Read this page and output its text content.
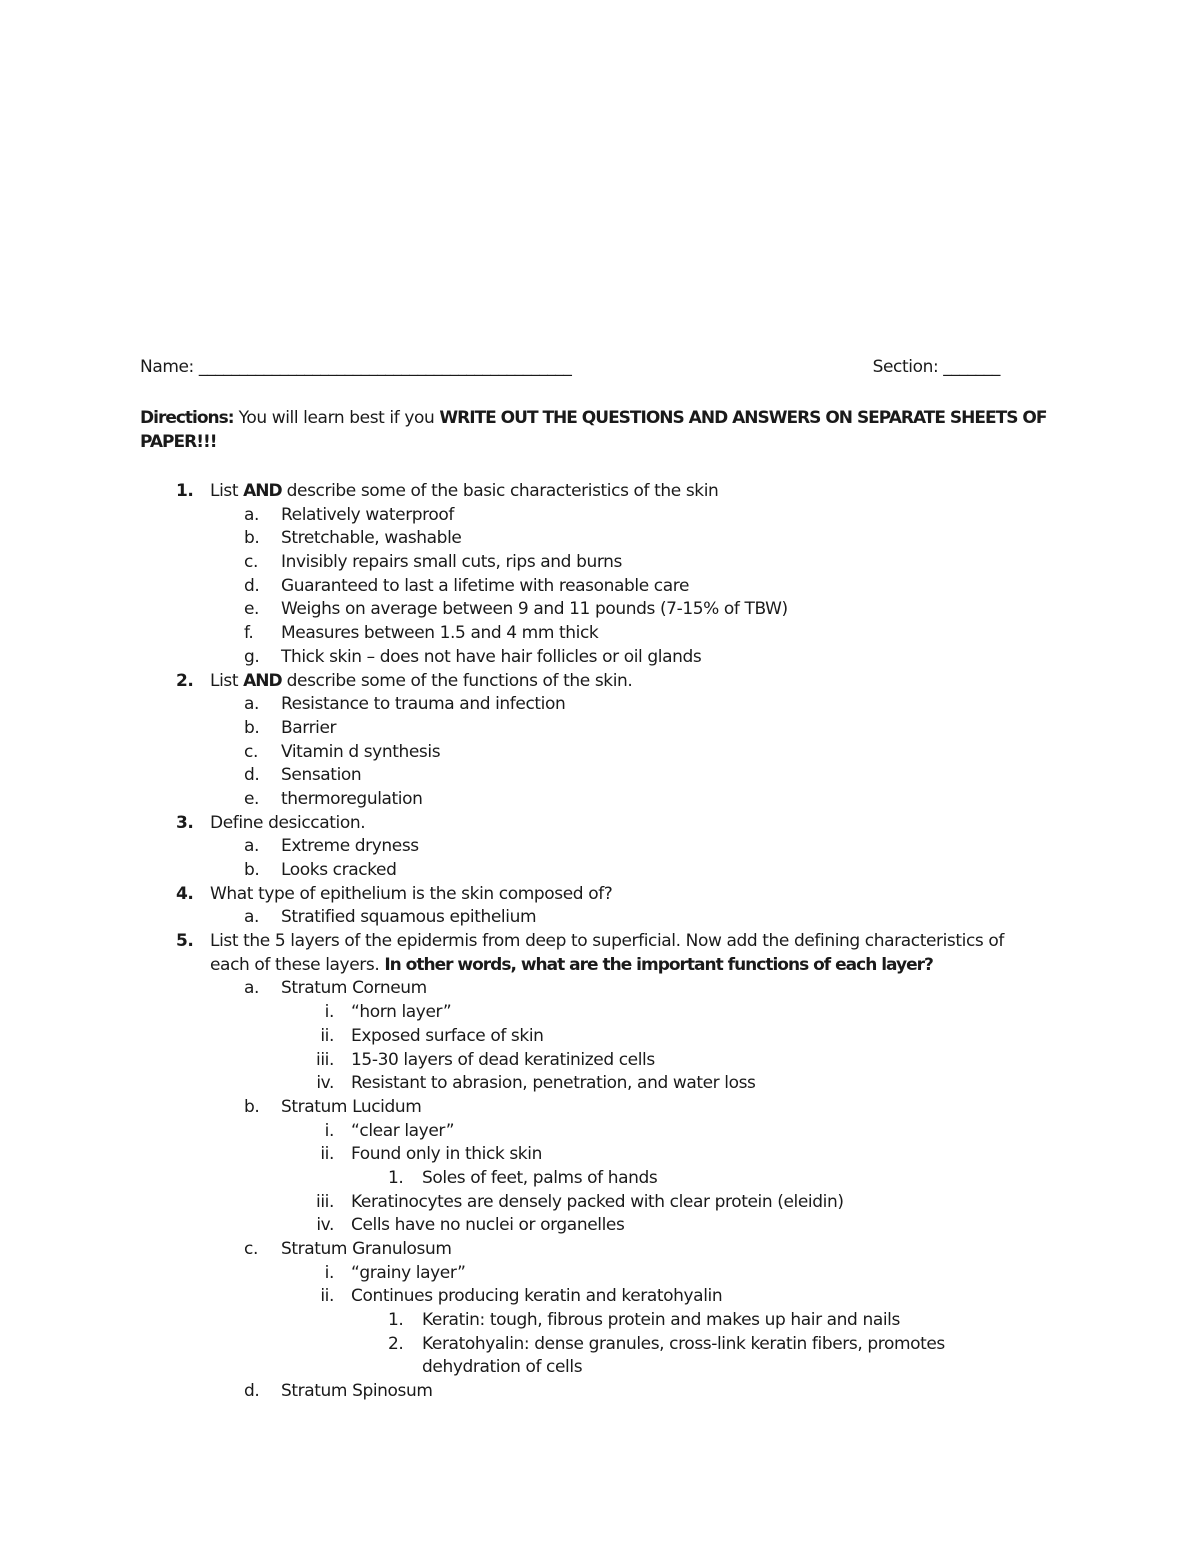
Name: ______________________________________________	Section: _______
Directions: You will learn best if you WRITE OUT THE QUESTIONS AND ANSWERS ON SEPARATE SHEETS OF PAPER!!!
1. List AND describe some of the basic characteristics of the skin
a. Relatively waterproof
b. Stretchable, washable
c. Invisibly repairs small cuts, rips and burns
d. Guaranteed to last a lifetime with reasonable care
e. Weighs on average between 9 and 11 pounds (7-15% of TBW)
f. Measures between 1.5 and 4 mm thick
g. Thick skin – does not have hair follicles or oil glands
2. List AND describe some of the functions of the skin.
a. Resistance to trauma and infection
b. Barrier
c. Vitamin d synthesis
d. Sensation
e. thermoregulation
3. Define desiccation.
a. Extreme dryness
b. Looks cracked
4. What type of epithelium is the skin composed of?
a. Stratified squamous epithelium
5. List the 5 layers of the epidermis from deep to superficial. Now add the defining characteristics of
each of these layers. In other words, what are the important functions of each layer?
a. Stratum Corneum
i. “horn layer”
ii. Exposed surface of skin
iii. 15-30 layers of dead keratinized cells
iv. Resistant to abrasion, penetration, and water loss
b. Stratum Lucidum
i. “clear layer”
ii. Found only in thick skin
1. Soles of feet, palms of hands
iii. Keratinocytes are densely packed with clear protein (eleidin)
iv. Cells have no nuclei or organelles
c. Stratum Granulosum
i. “grainy layer”
ii. Continues producing keratin and keratohyalin
1. Keratin: tough, fibrous protein and makes up hair and nails
2. Keratohyalin: dense granules, cross-link keratin fibers, promotes
dehydration of cells
d. Stratum Spinosum
